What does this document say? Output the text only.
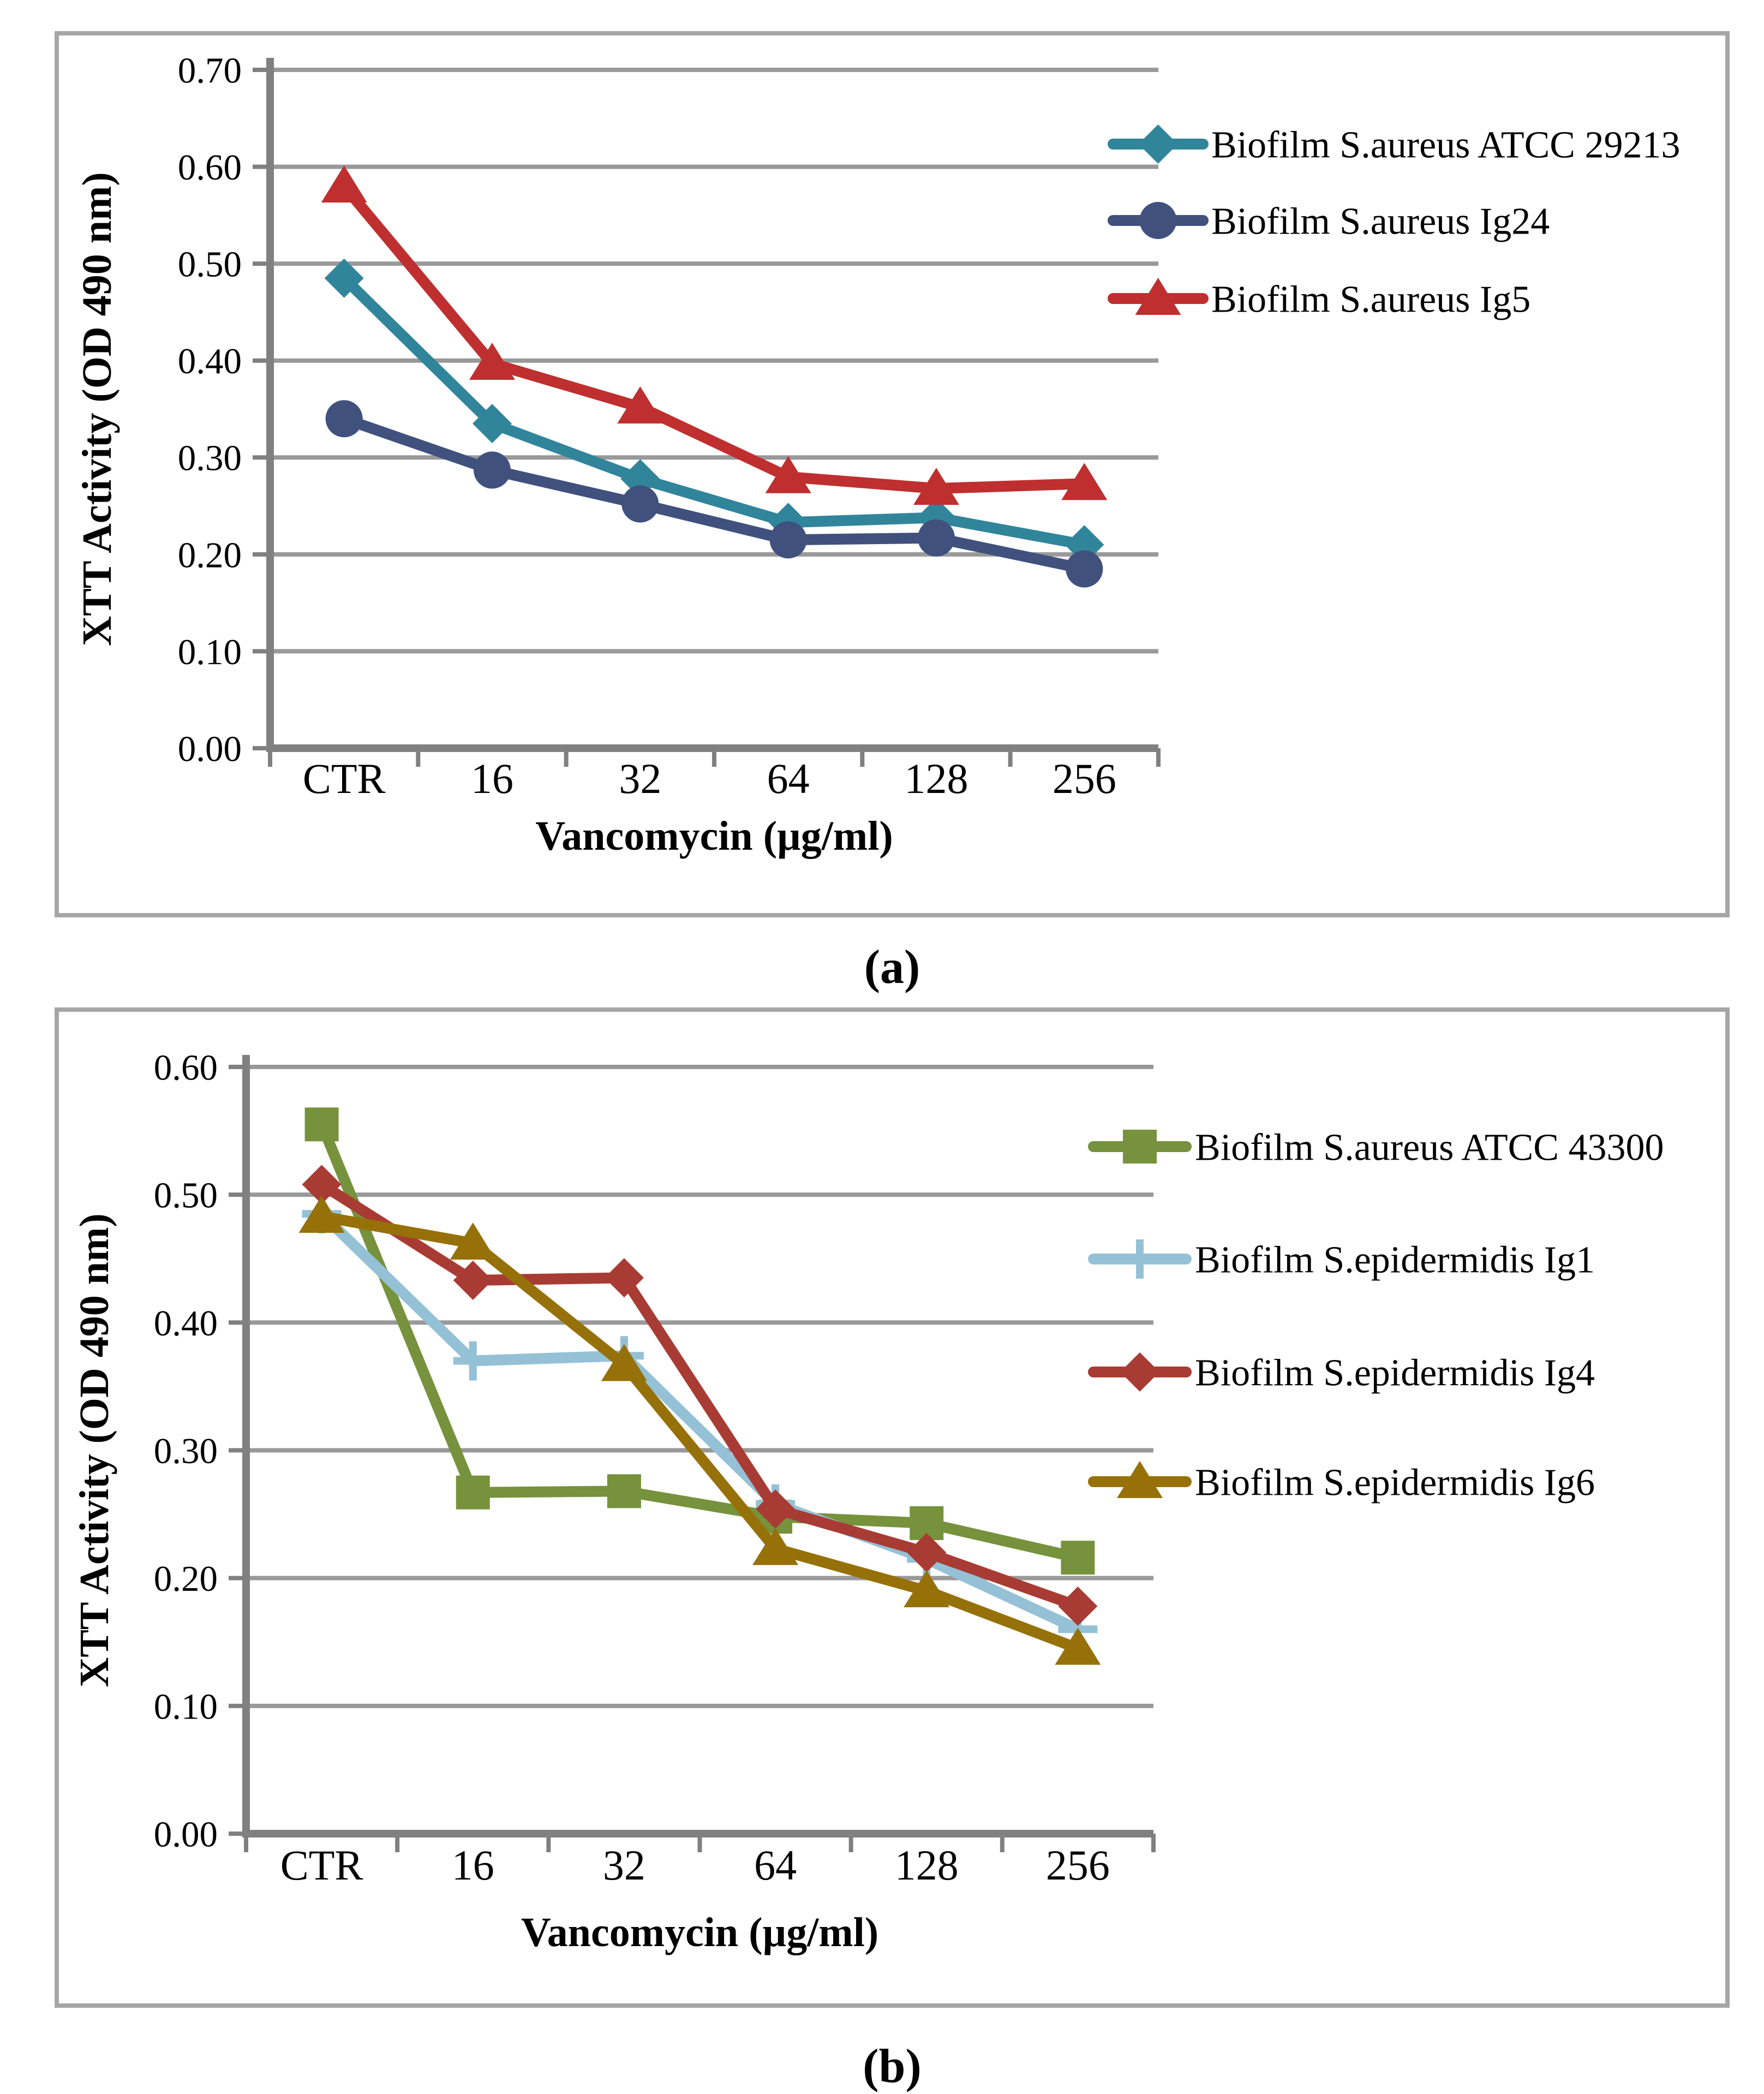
0.00
0.10
0.20
0.30
0.40
0.50
0.60
0.70
CTR 16 32 64 128 256
Vancomycin (µg/ml)
XTT Activity (OD 490 nm)
Biofilm S.aureus ATCC 29213
Biofilm S.aureus Ig24
Biofilm S.aureus Ig5
(a)
0.00
0.10
0.20
0.30
0.40
0.50
0.60
CTR 16	32	64 128 256
Vancomycin (µg/ml)
XTT Activity (OD 490 nm)
Biofilm S.aureus ATCC 43300
Biofilm S.epidermidis Ig1
Biofilm S.epidermidis Ig4
Biofilm S.epidermidis Ig6
(b)
